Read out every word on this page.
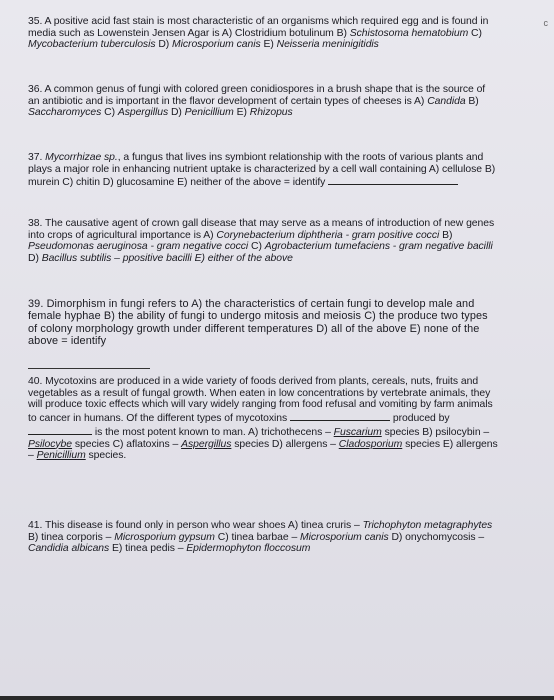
35. A positive acid fast stain is most characteristic of an organisms which required egg and is found in media such as Lowenstein Jensen Agar is A) Clostridium botulinum B) Schistosoma hematobium C) Mycobacterium tuberculosis D) Microsporium canis E) Neisseria meninigitidis

36. A common genus of fungi with colored green conidiospores in a brush shape that is the source of an antibiotic and is important in the flavor development of certain types of cheeses is A) Candida B) Saccharomyces C) Aspergillus D) Penicillium E) Rhizopus

37. Mycorrhizae sp., a fungus that lives ins symbiont relationship with the roots of various plants and plays a major role in enhancing nutrient uptake is characterized by a cell wall containing A) cellulose B) murein C) chitin D) glucosamine E) neither of the above = identify

38. The causative agent of crown gall disease that may serve as a means of introduction of new genes into crops of agricultural importance is A) Corynebacterium diphtheria - gram positive cocci B) Pseudomonas aeruginosa - gram negative cocci C) Agrobacterium tumefaciens - gram negative bacilli D) Bacillus subtilis – ppositive bacilli E) either of the above

39. Dimorphism in fungi refers to A) the characteristics of certain fungi to develop male and female hyphae B) the ability of fungi to undergo mitosis and meiosis C) the produce two types of colony morphology growth under different temperatures D) all of the above E) none of the above = identify

40. Mycotoxins are produced in a wide variety of foods derived from plants, cereals, nuts, fruits and vegetables as a result of fungal growth. When eaten in low concentrations by vertebrate animals, they will produce toxic effects which will vary widely ranging from food refusal and vomiting by farm animals to cancer in humans. Of the different types of mycotoxins	produced by  is the most potent known to man. A) trichothecens – Fuscarium species B) psilocybin – Psilocybe species C) aflatoxins – Aspergillus species D) allergens – Cladosporium species E) allergens – Penicillium species.

41. This disease is found only in person who wear shoes A) tinea cruris – Trichophyton metagraphytes B) tinea corporis – Microsporium gypsum C) tinea barbae – Microsporium canis D) onychomycosis – Candidia albicans E) tinea pedis – Epidermophyton floccosum

c
